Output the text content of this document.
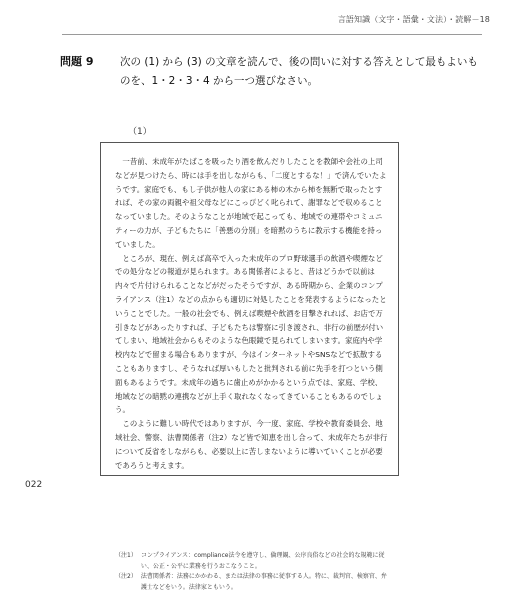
言語知識（文字・語彙・文法）・読解－18
問題 9	次の (1) から (3) の文章を読んで、後の問いに対する答えとして最もよいものを、1・2・3・4 から一つ選びなさい。
（1）

一昔前、未成年がたばこを吸ったり酒を飲んだりしたことを教師や会社の上司などが見つけたら、時には手を出しながらも、「二度とするな！」で済んでいたようです。家庭でも、もし子供が他人の家にある柿の木から柿を無断で取ったとすれば、その家の両親や祖父母などにこっぴどく叱られて、謝罪などで収めることなっていました。そのようなことが地域で起こっても、地域での連帯やコミュニティーの力が、子どもたちに「善悪の分別」を暗黙のうちに教示する機能を持っていました。

ところが、現在、例えば高卒で入った未成年のプロ野球選手の飲酒や喫煙などでの処分などの報道が見られます。ある関係者によると、昔はどうかで以前は内々で片付けられることなどがだったそうですが、ある時期から、企業のコンプライアンス（注1）などの点からも適切に対処したことを発表するようになったということでした。一般の社会でも、例えば喫煙や飲酒を目撃されれば、お店で万引きなどがあったりすれば、子どもたちは警察に引き渡され、非行の前歴が付いてしまい、地域社会からもそのような色眼鏡で見られてしまいます。家庭内や学校内などで留まる場合もありますが、今はインターネットやSNSなどで拡散することもありますし、そうなれば厚いもしたと批判される前に先手を打つという側面もあるようです。未成年の過ちに歯止めがかかるという点では、家庭、学校、地域などの暗黙の連携などが上手く取れなくなってきていることもあるのでしょう。

このように難しい時代ではありますが、今一度、家庭、学校や教育委員会、地域社会、警察、法曹関係者（注2）など皆で知恵を出し合って、未成年たちが非行について反省をしながらも、必要以上に苦しまないように導いていくことが必要であろうと考えます。

（注1） コンプライアンス：compliance法令を遵守し、倫理観、公序良俗などの社会的な規範に従い、公正・公平に業務を行うおこなうこと。
（注2） 法曹関係者：法務にかかわる、または法律の事務に従事する人。特に、裁判官、検察官、弁護士などをいう。法律家ともいう。
022
